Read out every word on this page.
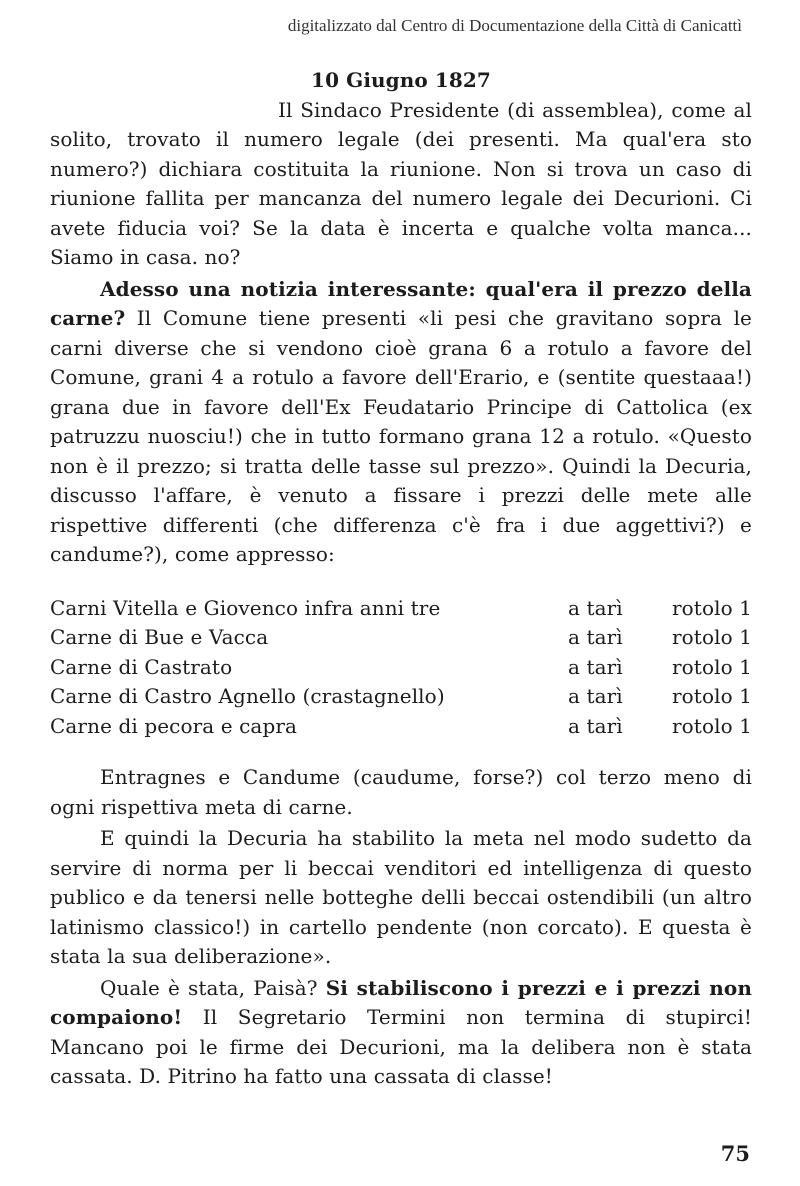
digitalizzato dal Centro di Documentazione della Città di Canicattì
10 Giugno 1827

Il Sindaco Presidente (di assemblea), come al solito, trovato il numero legale (dei presenti. Ma qual'era sto numero?) dichiara costituita la riunione. Non si trova un caso di riunione fallita per mancanza del numero legale dei Decurioni. Ci avete fiducia voi? Se la data è incerta e qualche volta manca... Siamo in casa. no?

Adesso una notizia interessante: qual'era il prezzo della carne? Il Comune tiene presenti «li pesi che gravitano sopra le carni diverse che si vendono cioè grana 6 a rotulo a favore del Comune, grani 4 a rotulo a favore dell'Erario, e (sentite questaaa!) grana due in favore dell'Ex Feudatario Principe di Cattolica (ex patruzzu nuosciu!) che in tutto formano grana 12 a rotulo. «Questo non è il prezzo; si tratta delle tasse sul prezzo». Quindi la Decuria, discusso l'affare, è venuto a fissare i prezzi delle mete alle rispettive differenti (che differenza c'è fra i due aggettivi?) e candume?), come appresso:

Carni Vitella e Giovenco infra anni tre	a tarì	rotolo 1
Carne di Bue e Vacca	a tarì	rotolo 1
Carne di Castrato	a tarì	rotolo 1
Carne di Castro Agnello (crastagnello)	a tarì	rotolo 1
Carne di pecora e capra	a tarì	rotolo 1

Entragnes e Candume (caudume, forse?) col terzo meno di ogni rispettiva meta di carne.

E quindi la Decuria ha stabilito la meta nel modo sudetto da servire di norma per li beccai venditori ed intelligenza di questo publico e da tenersi nelle botteghe delli beccai ostendibili (un altro latinismo classico!) in cartello pendente (non corcato). E questa è stata la sua deliberazione».

Quale è stata, Paisà? Si stabiliscono i prezzi e i prezzi non compaiono! Il Segretario Termini non termina di stupirci! Mancano poi le firme dei Decurioni, ma la delibera non è stata cassata. D. Pitrino ha fatto una cassata di classe!

75
